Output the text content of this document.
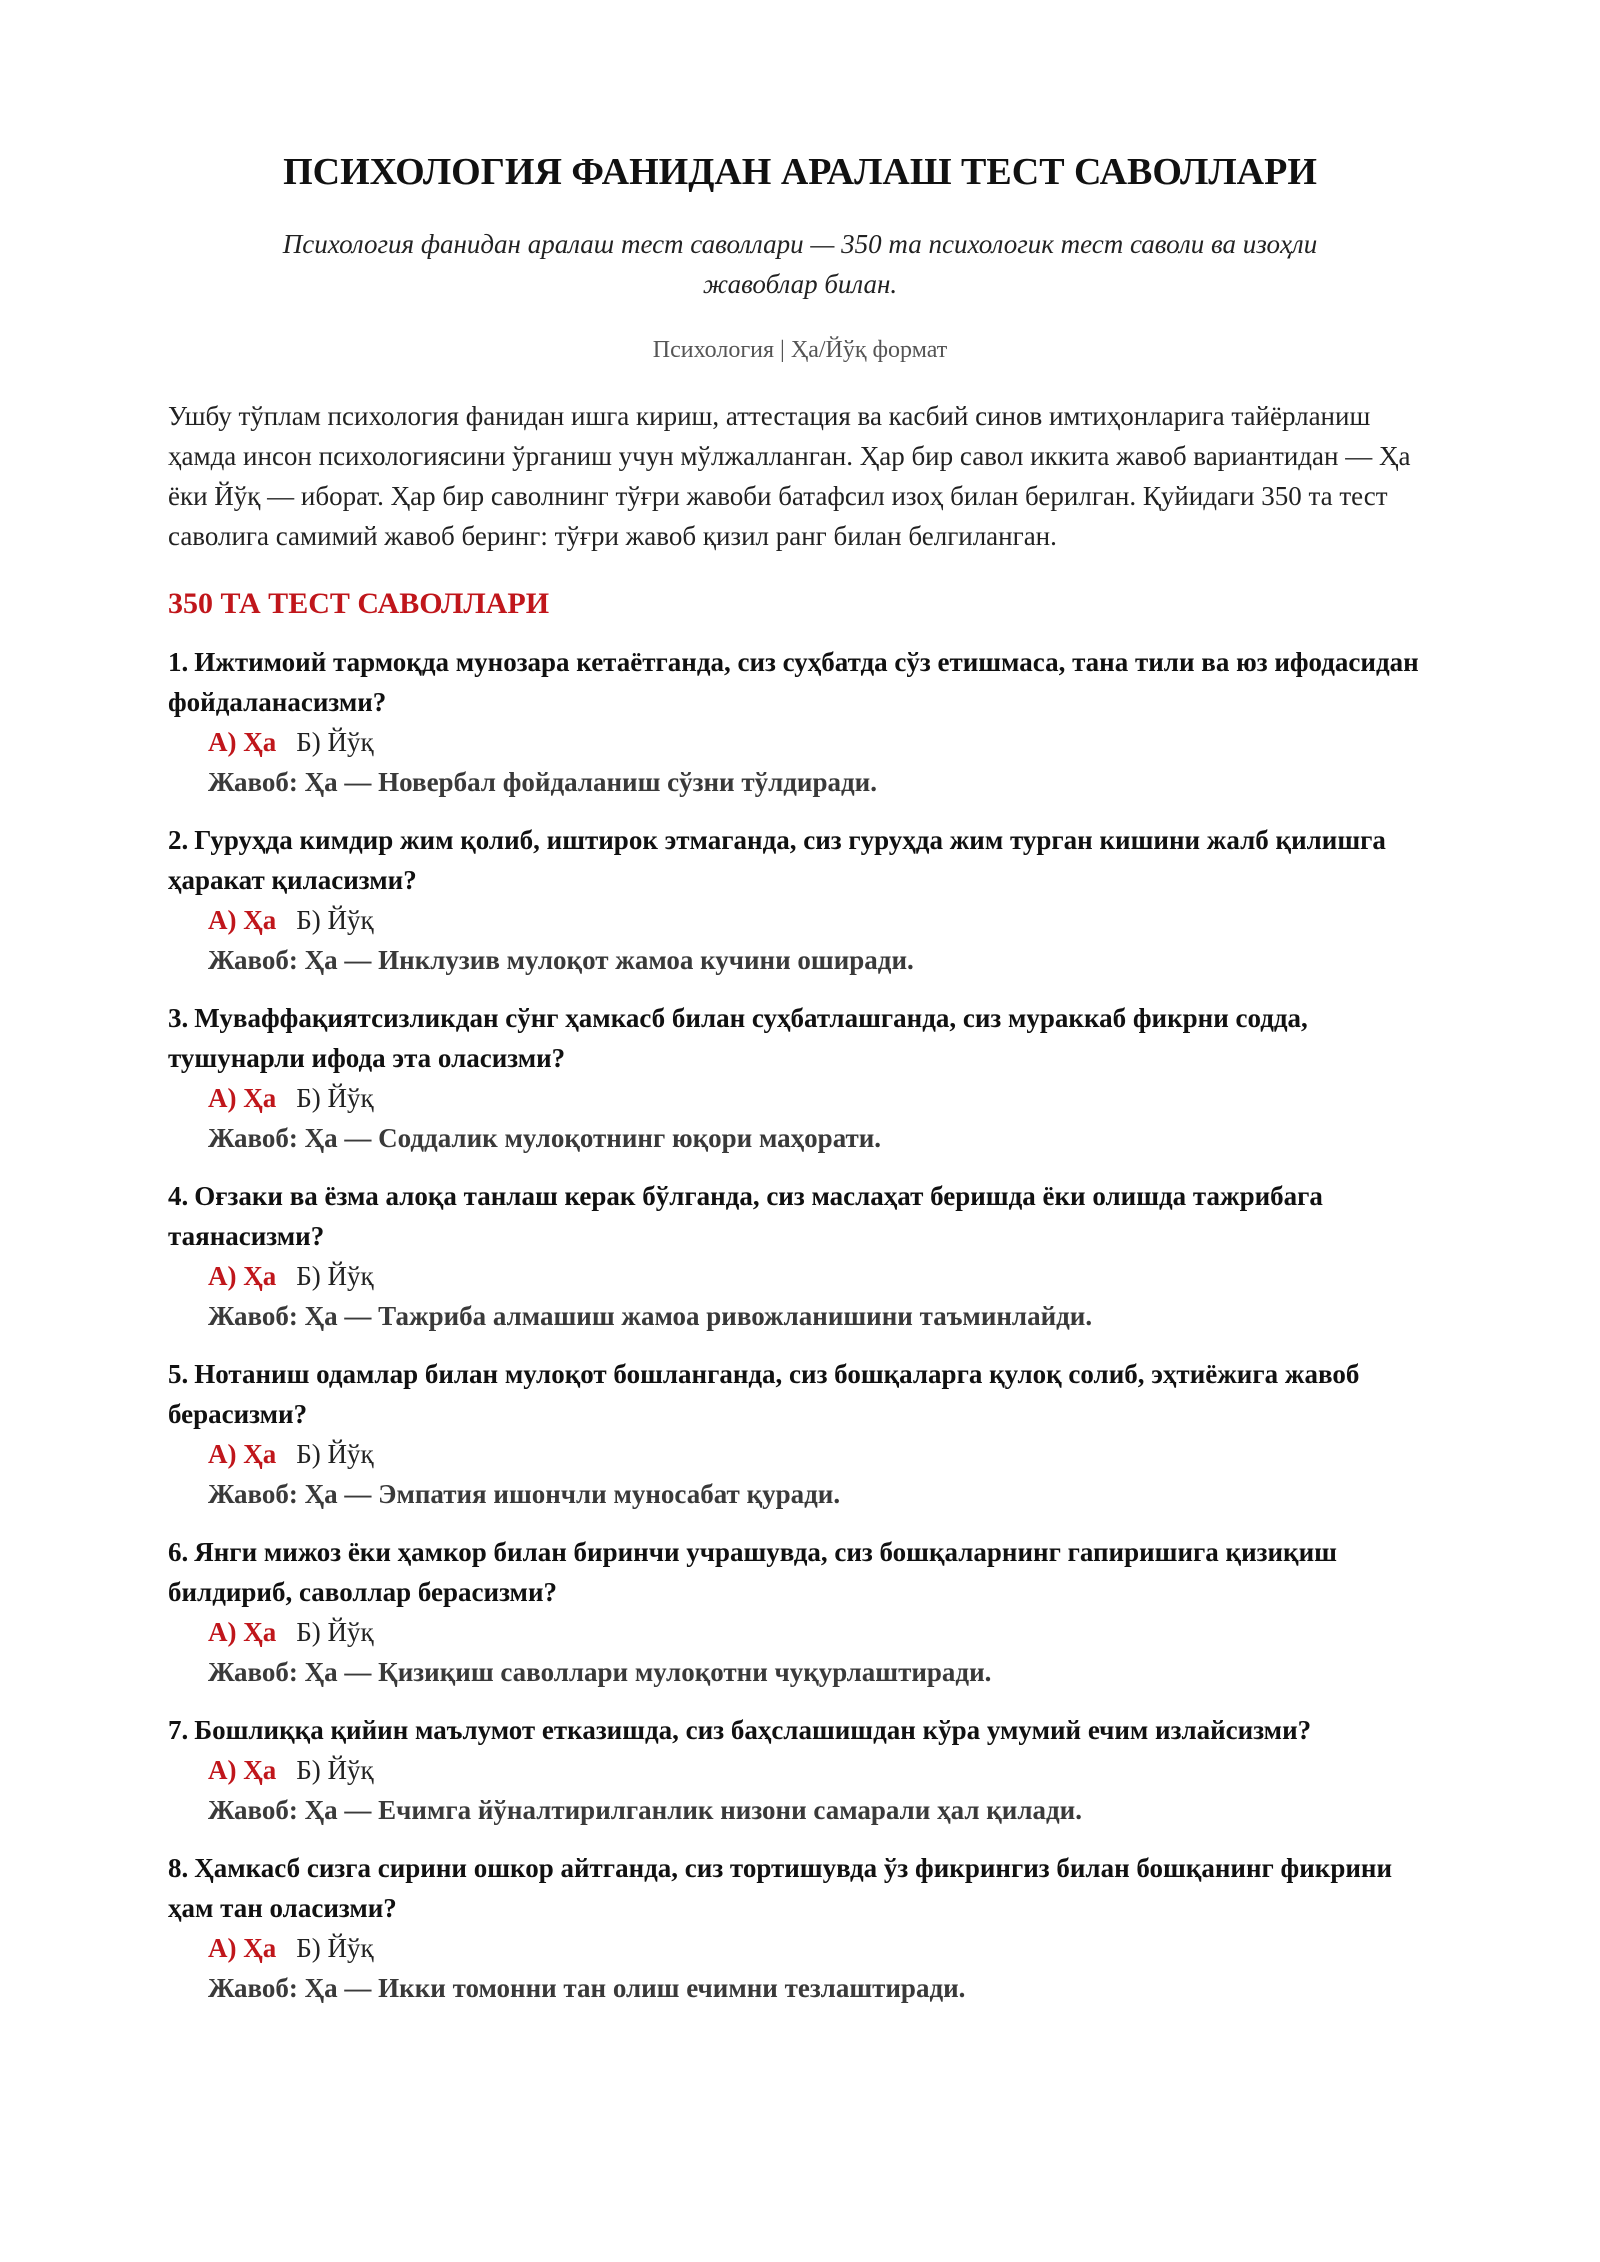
ПСИХОЛОГИЯ ФАНИДАН АРАЛАШ ТЕСТ САВОЛЛАРИ

Психология фанидан аралаш тест саволлари — 350 та психологик тест саволи ва изоҳли жавоблар билан.

Психология | Ҳа/Йўқ формат

Ушбу тўплам психология фанидан ишга кириш, аттестация ва касбий синов имтиҳонларига тайёрланиш ҳамда инсон психологиясини ўрганиш учун мўлжалланган. Ҳар бир савол иккита жавоб вариантидан — Ҳа ёки Йўқ — иборат. Ҳар бир саволнинг тўғри жавоби батафсил изоҳ билан берилган. Қуйидаги 350 та тест саволига самимий жавоб беринг: тўғри жавоб қизил ранг билан белгиланган.

350 ТА ТЕСТ САВОЛЛАРИ
1. Ижтимоий тармоқда мунозара кетаётганда, сиз суҳбатда сўз етишмаса, тана тили ва юз ифодасидан фойдаланасизми?
А) Ҳа Б) Йўқ
Жавоб: Ҳа — Новербал фойдаланиш сўзни тўлдиради.
2. Гуруҳда кимдир жим қолиб, иштирок этмаганда, сиз гуруҳда жим турган кишини жалб қилишга ҳаракат қиласизми?
А) Ҳа Б) Йўқ
Жавоб: Ҳа — Инклузив мулоқот жамоа кучини оширади.
3. Муваффақиятсизликдан сўнг ҳамкасб билан суҳбатлашганда, сиз мураккаб фикрни содда, тушунарли ифода эта оласизми?
А) Ҳа Б) Йўқ
Жавоб: Ҳа — Соддалик мулоқотнинг юқори маҳорати.
4. Оғзаки ва ёзма алоқа танлаш керак бўлганда, сиз маслаҳат беришда ёки олишда тажрибага таянасизми?
А) Ҳа Б) Йўқ
Жавоб: Ҳа — Тажриба алмашиш жамоа ривожланишини таъминлайди.
5. Нотаниш одамлар билан мулоқот бошланганда, сиз бошқаларга қулоқ солиб, эҳтиёжига жавоб берасизми?
А) Ҳа Б) Йўқ
Жавоб: Ҳа — Эмпатия ишончли муносабат қуради.
6. Янги мижоз ёки ҳамкор билан биринчи учрашувда, сиз бошқаларнинг гапиришига қизиқиш билдириб, саволлар берасизми?
А) Ҳа Б) Йўқ
Жавоб: Ҳа — Қизиқиш саволлари мулоқотни чуқурлаштиради.
7. Бошлиққа қийин маълумот етказишда, сиз баҳслашишдан кўра умумий ечим излайсизми?
А) Ҳа Б) Йўқ
Жавоб: Ҳа — Ечимга йўналтирилганлик низони самарали ҳал қилади.
8. Ҳамкасб сизга сирини ошкор айтганда, сиз тортишувда ўз фикрингиз билан бошқанинг фикрини ҳам тан оласизми?
А) Ҳа Б) Йўқ
Жавоб: Ҳа — Икки томонни тан олиш ечимни тезлаштиради.
